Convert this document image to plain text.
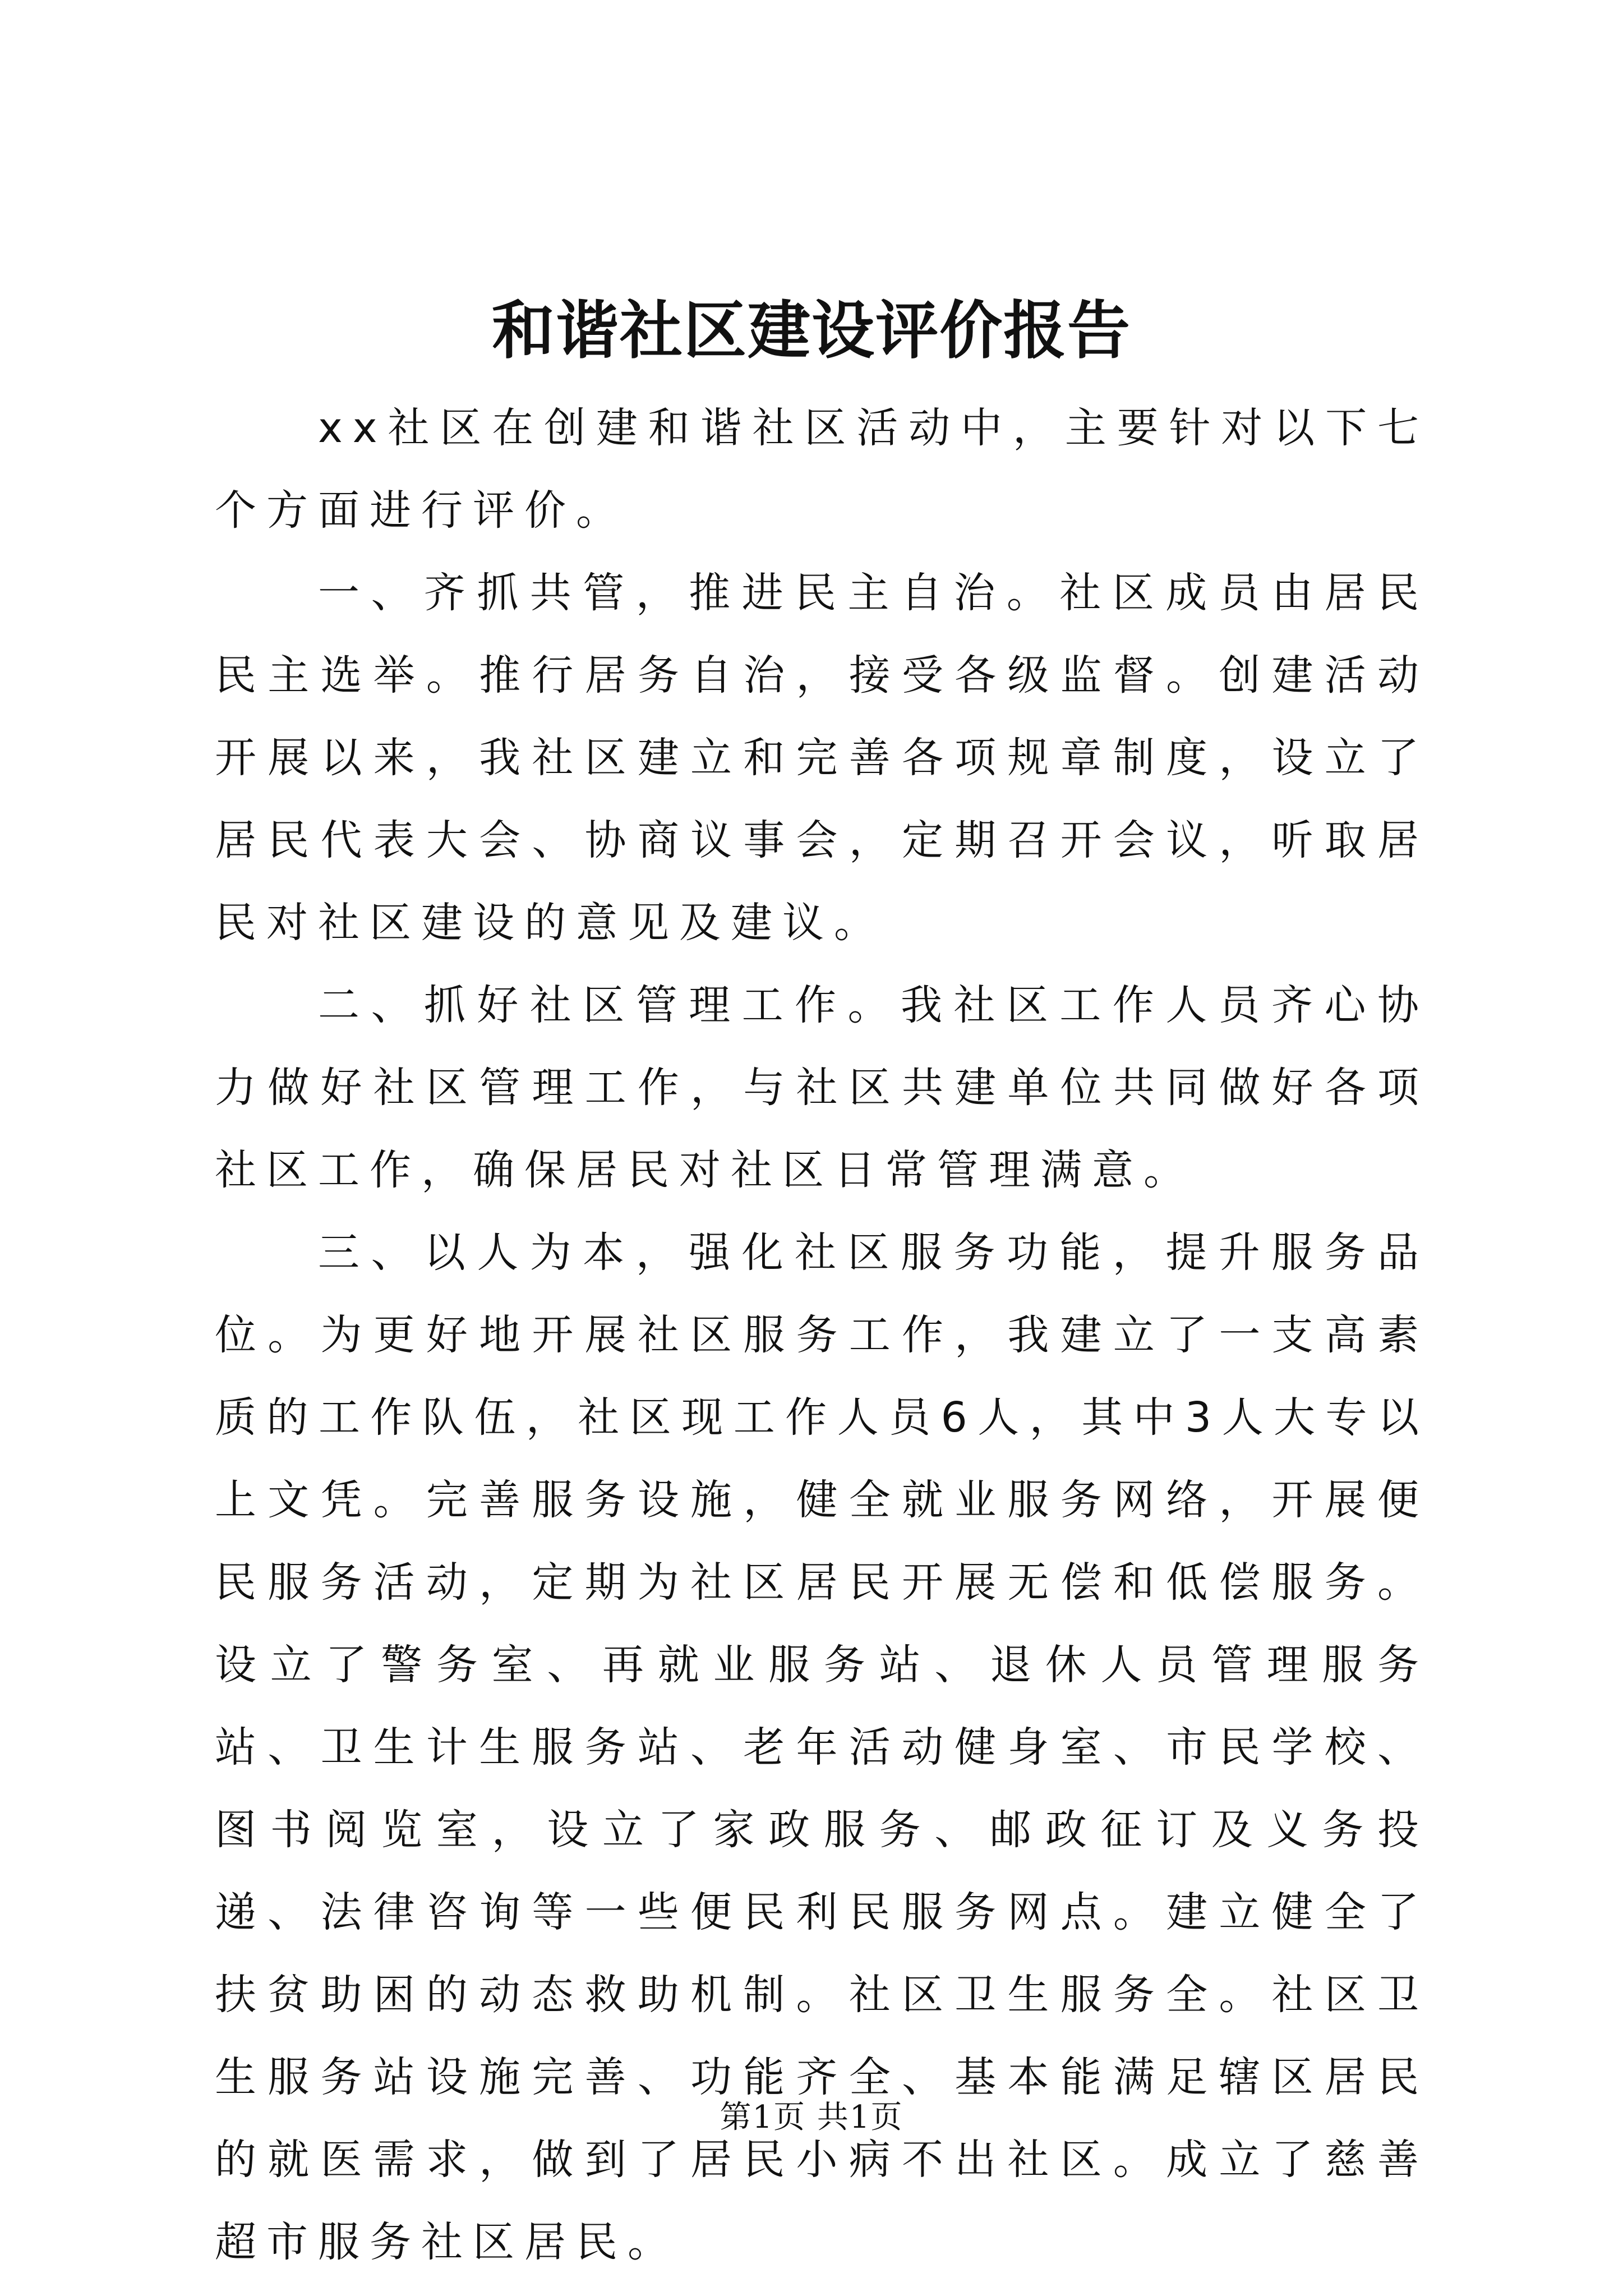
和谐社区建设评价报告

xx社区在创建和谐社区活动中，主要针对以下七个方面进行评价。

一、齐抓共管，推进民主自治。社区成员由居民民主选举。推行居务自治，接受各级监督。创建活动开展以来，我社区建立和完善各项规章制度，设立了居民代表大会、协商议事会，定期召开会议，听取居民对社区建设的意见及建议。

二、抓好社区管理工作。我社区工作人员齐心协力做好社区管理工作，与社区共建单位共同做好各项社区工作，确保居民对社区日常管理满意。

三、以人为本，强化社区服务功能，提升服务品位。为更好地开展社区服务工作，我建立了一支高素质的工作队伍，社区现工作人员6人，其中3人大专以上文凭。完善服务设施，健全就业服务网络，开展便民服务活动，定期为社区居民开展无偿和低偿服务。设立了警务室、再就业服务站、退休人员管理服务站、卫生计生服务站、老年活动健身室、市民学校、图书阅览室，设立了家政服务、邮政征订及义务投递、法律咨询等一些便民利民服务网点。建立健全了扶贫助困的动态救助机制。社区卫生服务全。社区卫生服务站设施完善、功能齐全、基本能满足辖区居民的就医需求，做到了居民小病不出社区。成立了慈善超市服务社区居民。

第1页 共1页
